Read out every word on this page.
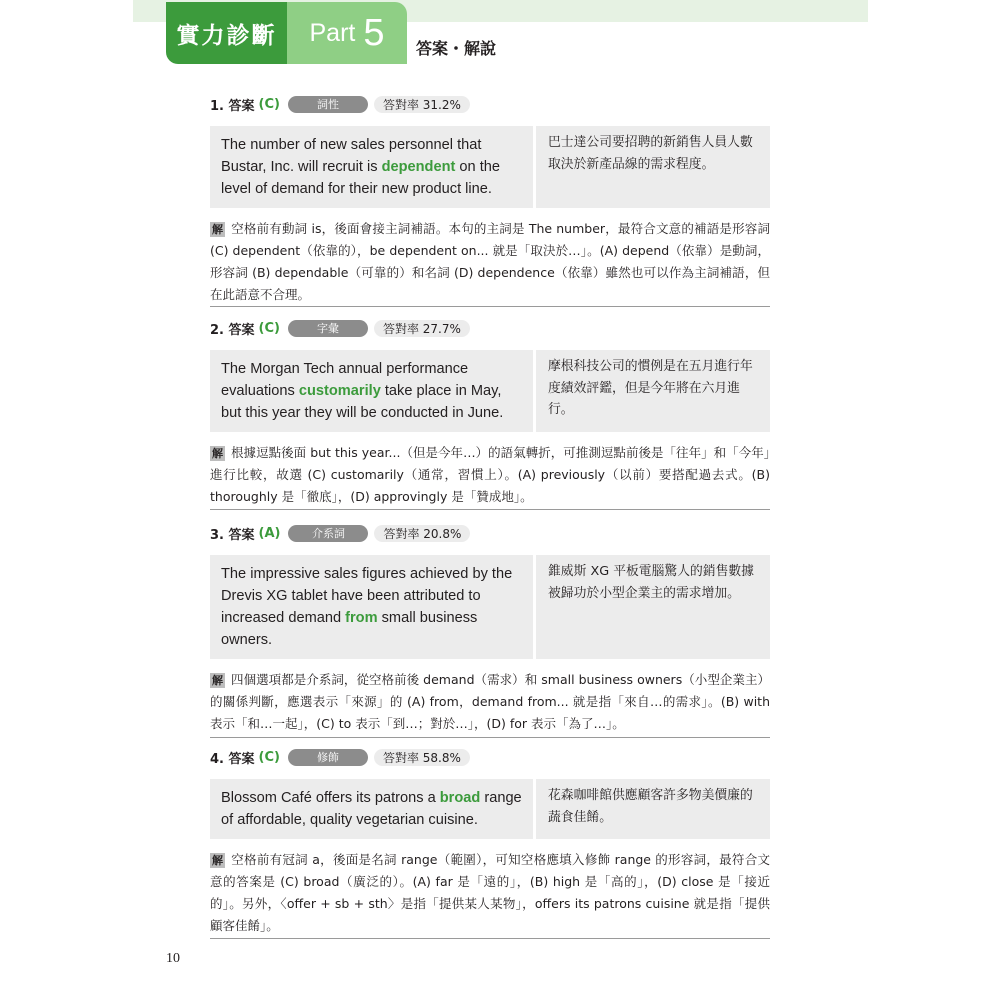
實力診斷 Part 5 答案・解說
1. 答案 (C)	詞性	答對率 31.2%
The number of new sales personnel that Bustar, Inc. will recruit is dependent on the level of demand for their new product line.
巴士達公司要招聘的新銷售人員人數取決於新產品線的需求程度。
解 空格前有動詞 is，後面會接主詞補語。本句的主詞是 The number，最符合文意的補語是形容詞 (C) dependent（依靠的），be dependent on... 就是「取決於…」。(A) depend（依靠）是動詞，形容詞 (B) dependable（可靠的）和名詞 (D) dependence（依靠）雖然也可以作為主詞補語，但在此語意不合理。
2. 答案 (C)	字彙	答對率 27.7%
The Morgan Tech annual performance evaluations customarily take place in May, but this year they will be conducted in June.
摩根科技公司的慣例是在五月進行年度績效評鑑，但是今年將在六月進行。
解 根據逗點後面 but this year...（但是今年…）的語氣轉折，可推測逗點前後是「往年」和「今年」進行比較，故選 (C) customarily（通常，習慣上）。(A) previously（以前）要搭配過去式。(B) thoroughly 是「徹底」，(D) approvingly 是「贊成地」。
3. 答案 (A)	介系詞	答對率 20.8%
The impressive sales figures achieved by the Drevis XG tablet have been attributed to increased demand from small business owners.
錐威斯 XG 平板電腦驚人的銷售數據被歸功於小型企業主的需求增加。
解 四個選項都是介系詞，從空格前後 demand（需求）和 small business owners（小型企業主）的關係判斷，應選表示「來源」的 (A) from，demand from... 就是指「來自…的需求」。(B) with 表示「和…一起」，(C) to 表示「到…；對於…」，(D) for 表示「為了…」。
4. 答案 (C)	修飾	答對率 58.8%
Blossom Café offers its patrons a broad range of affordable, quality vegetarian cuisine.
花森咖啡館供應顧客許多物美價廉的蔬食佳餚。
解 空格前有冠詞 a，後面是名詞 range（範圍），可知空格應填入修飾 range 的形容詞，最符合文意的答案是 (C) broad（廣泛的）。(A) far 是「遠的」，(B) high 是「高的」，(D) close 是「接近的」。另外，〈offer + sb + sth〉是指「提供某人某物」，offers its patrons cuisine 就是指「提供顧客佳餚」。
10
